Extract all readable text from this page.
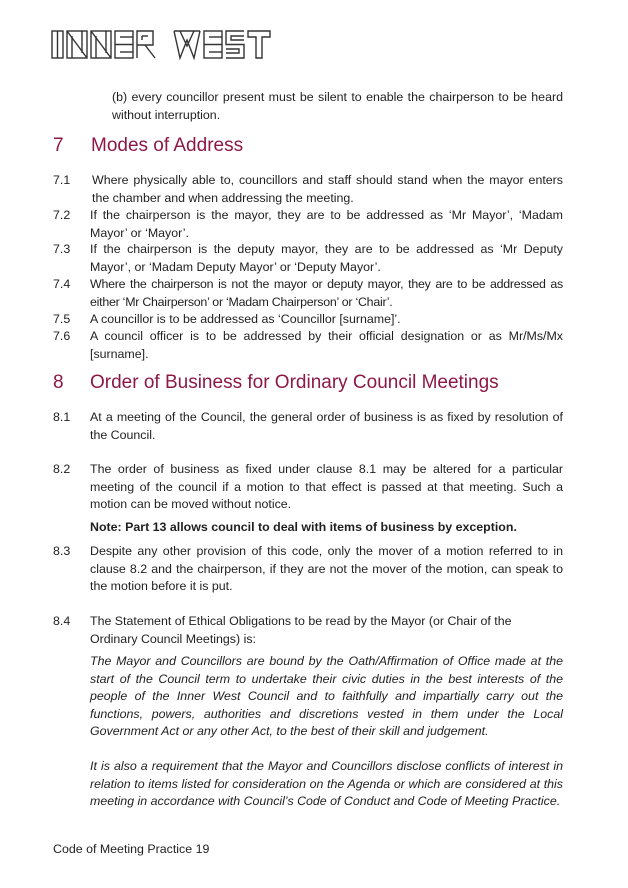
(b) every councillor present must be silent to enable the chairperson to be heard without interruption.
7 Modes of Address
7.1 Where physically able to, councillors and staff should stand when the mayor enters the chamber and when addressing the meeting.
7.2 If the chairperson is the mayor, they are to be addressed as ‘Mr Mayor’, ‘Madam Mayor’ or ‘Mayor’.
7.3 If the chairperson is the deputy mayor, they are to be addressed as ‘Mr Deputy Mayor’, or ‘Madam Deputy Mayor’ or ‘Deputy Mayor’.
7.4 Where the chairperson is not the mayor or deputy mayor, they are to be addressed as either ‘Mr Chairperson’ or ‘Madam Chairperson’ or ‘Chair’.
7.5 A councillor is to be addressed as ‘Councillor [surname]’.
7.6 A council officer is to be addressed by their official designation or as Mr/Ms/Mx [surname].
8 Order of Business for Ordinary Council Meetings
8.1 At a meeting of the Council, the general order of business is as fixed by resolution of the Council.
8.2 The order of business as fixed under clause 8.1 may be altered for a particular meeting of the council if a motion to that effect is passed at that meeting. Such a motion can be moved without notice.
Note: Part 13 allows council to deal with items of business by exception.
8.3 Despite any other provision of this code, only the mover of a motion referred to in clause 8.2 and the chairperson, if they are not the mover of the motion, can speak to the motion before it is put.
8.4 The Statement of Ethical Obligations to be read by the Mayor (or Chair of the Ordinary Council Meetings) is:
The Mayor and Councillors are bound by the Oath/Affirmation of Office made at the start of the Council term to undertake their civic duties in the best interests of the people of the Inner West Council and to faithfully and impartially carry out the functions, powers, authorities and discretions vested in them under the Local Government Act or any other Act, to the best of their skill and judgement.
It is also a requirement that the Mayor and Councillors disclose conflicts of interest in relation to items listed for consideration on the Agenda or which are considered at this meeting in accordance with Council’s Code of Conduct and Code of Meeting Practice.
Code of Meeting Practice 19
